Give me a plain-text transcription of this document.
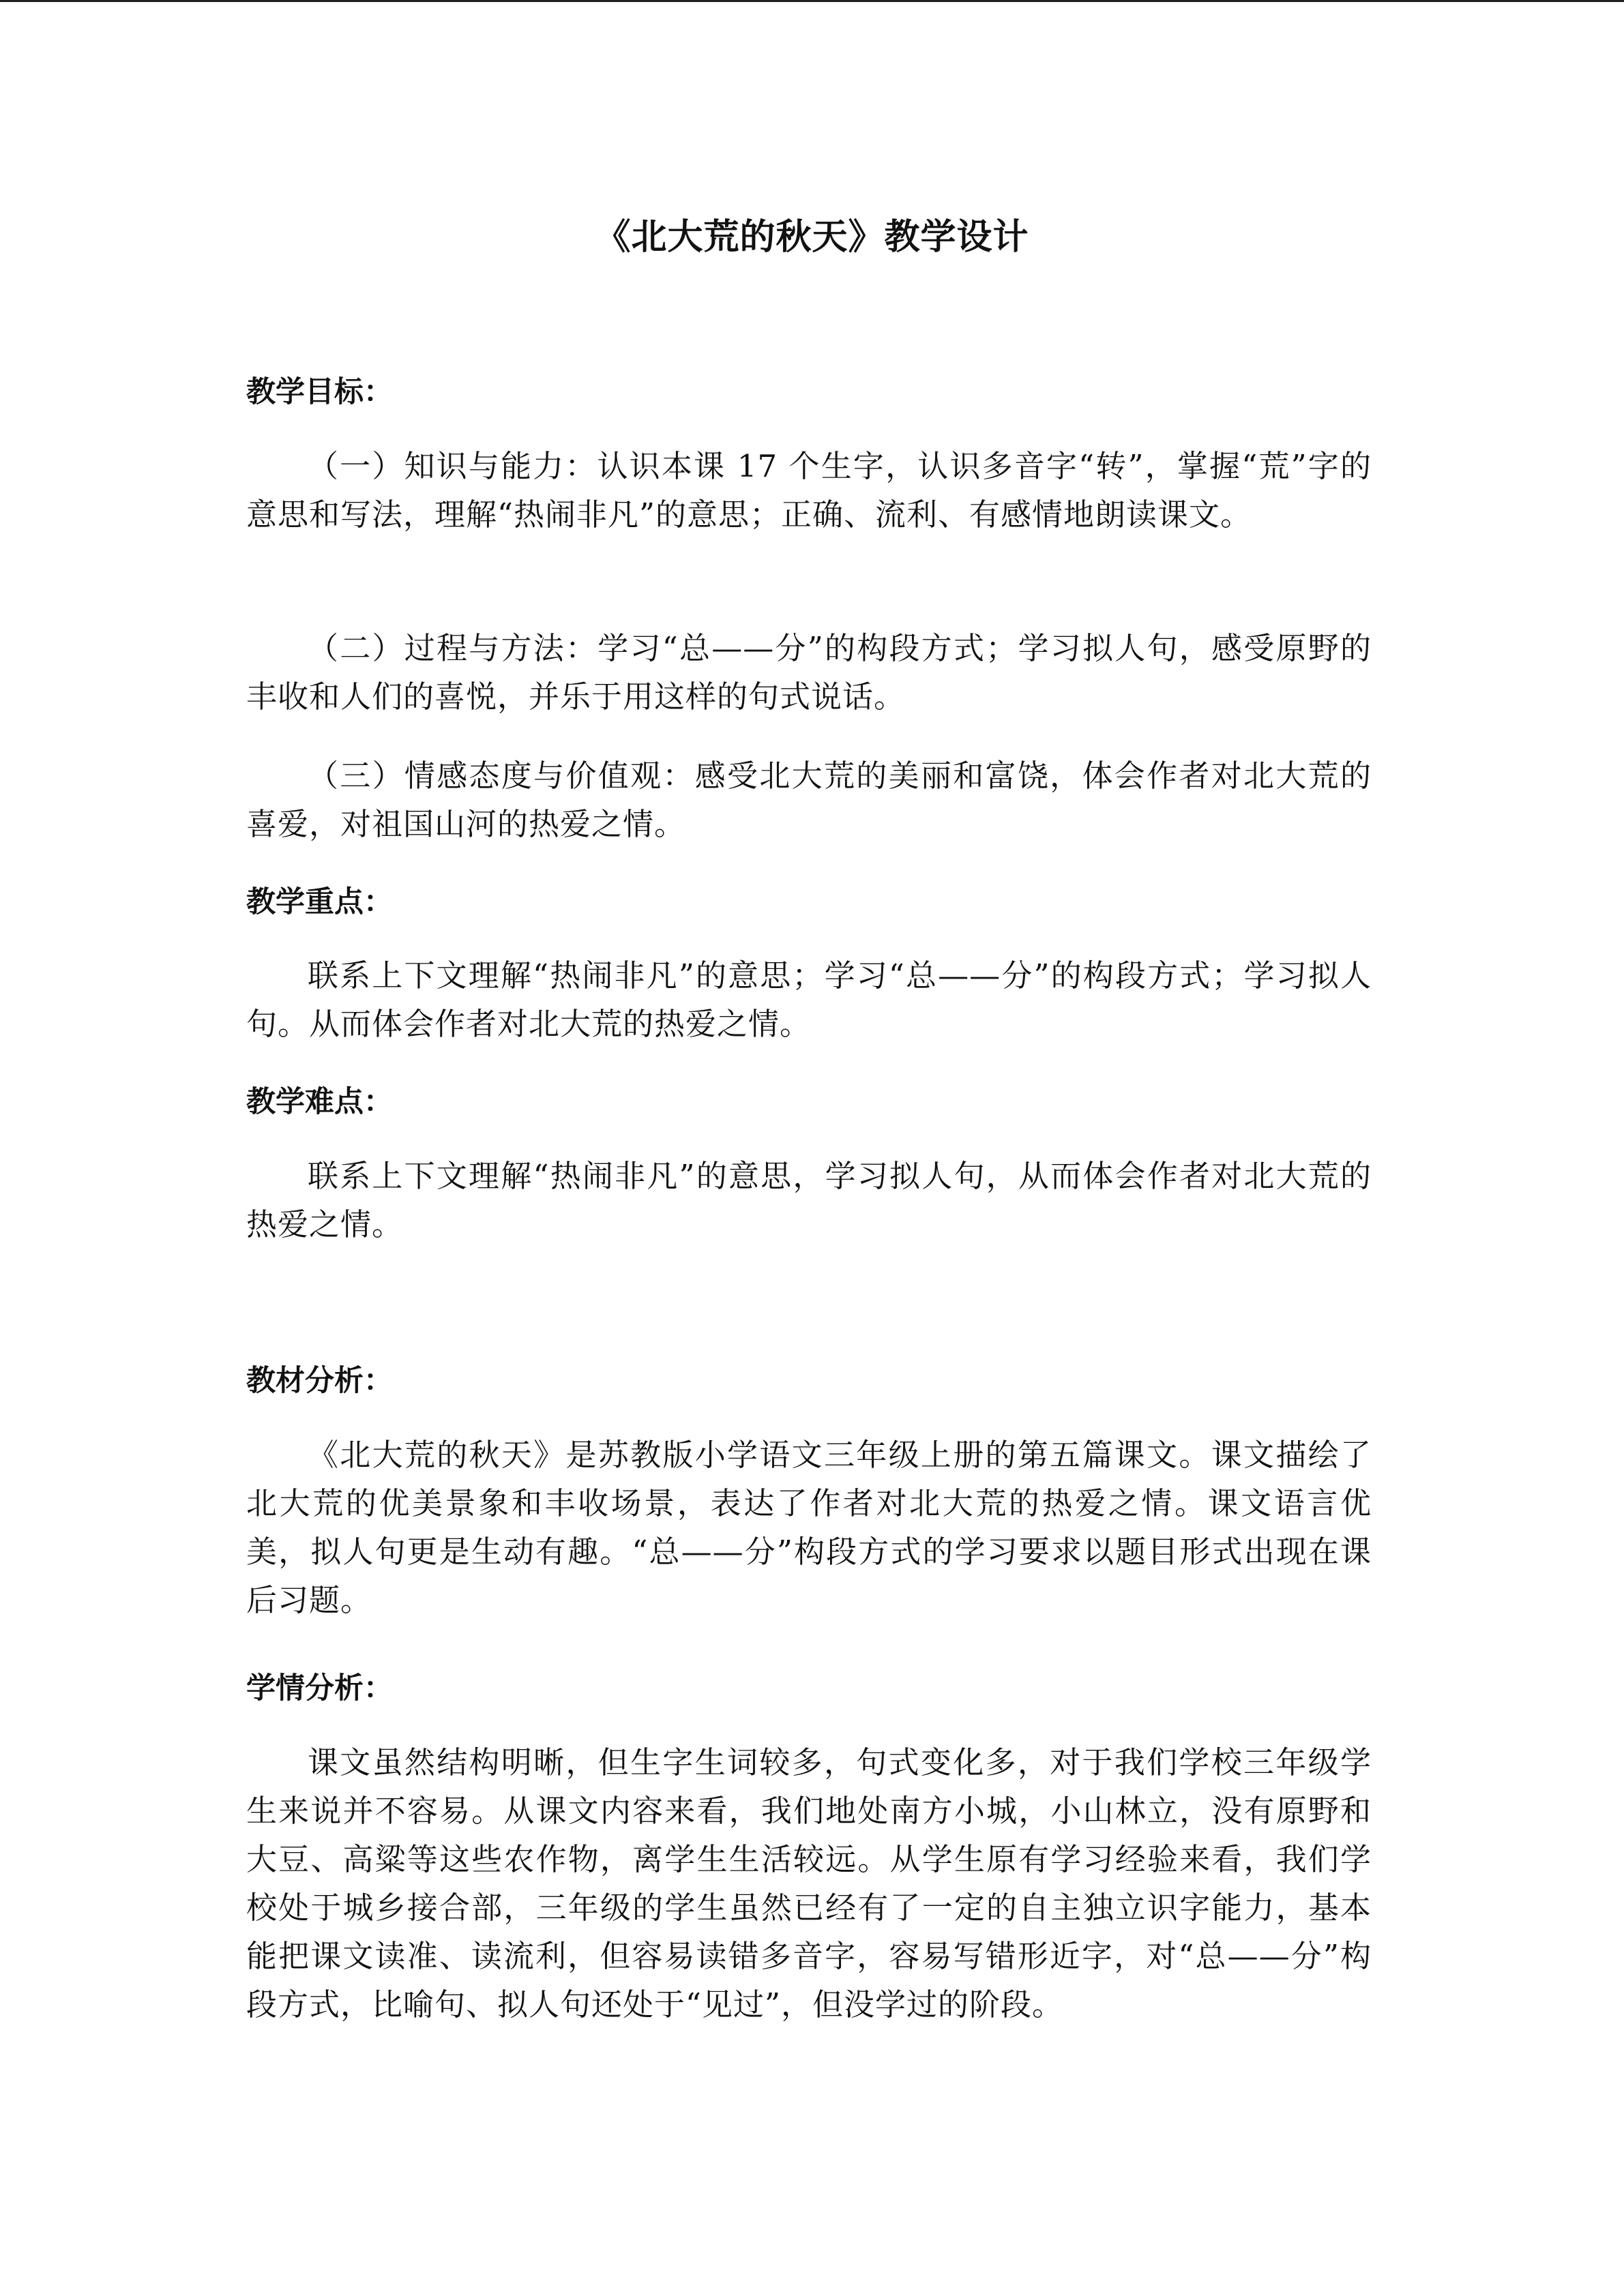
《北大荒的秋天》教学设计
教学目标：

（一）知识与能力：认识本课 17 个生字，认识多音字“转”，掌握“荒”字的意思和写法，理解“热闹非凡”的意思；正确、流利、有感情地朗读课文。

（二）过程与方法：学习“总——分”的构段方式；学习拟人句，感受原野的丰收和人们的喜悦，并乐于用这样的句式说话。

（三）情感态度与价值观：感受北大荒的美丽和富饶，体会作者对北大荒的喜爱，对祖国山河的热爱之情。

教学重点：

联系上下文理解“热闹非凡”的意思；学习“总——分”的构段方式；学习拟人句。从而体会作者对北大荒的热爱之情。

教学难点：

联系上下文理解“热闹非凡”的意思，学习拟人句，从而体会作者对北大荒的热爱之情。

教材分析：

《北大荒的秋天》是苏教版小学语文三年级上册的第五篇课文。课文描绘了北大荒的优美景象和丰收场景，表达了作者对北大荒的热爱之情。课文语言优美，拟人句更是生动有趣。“总——分”构段方式的学习要求以题目形式出现在课后习题。

学情分析：

课文虽然结构明晰，但生字生词较多，句式变化多，对于我们学校三年级学生来说并不容易。从课文内容来看，我们地处南方小城，小山林立，没有原野和大豆、高粱等这些农作物，离学生生活较远。从学生原有学习经验来看，我们学校处于城乡接合部，三年级的学生虽然已经有了一定的自主独立识字能力，基本能把课文读准、读流利，但容易读错多音字，容易写错形近字，对“总——分”构段方式，比喻句、拟人句还处于“见过”，但没学过的阶段。
